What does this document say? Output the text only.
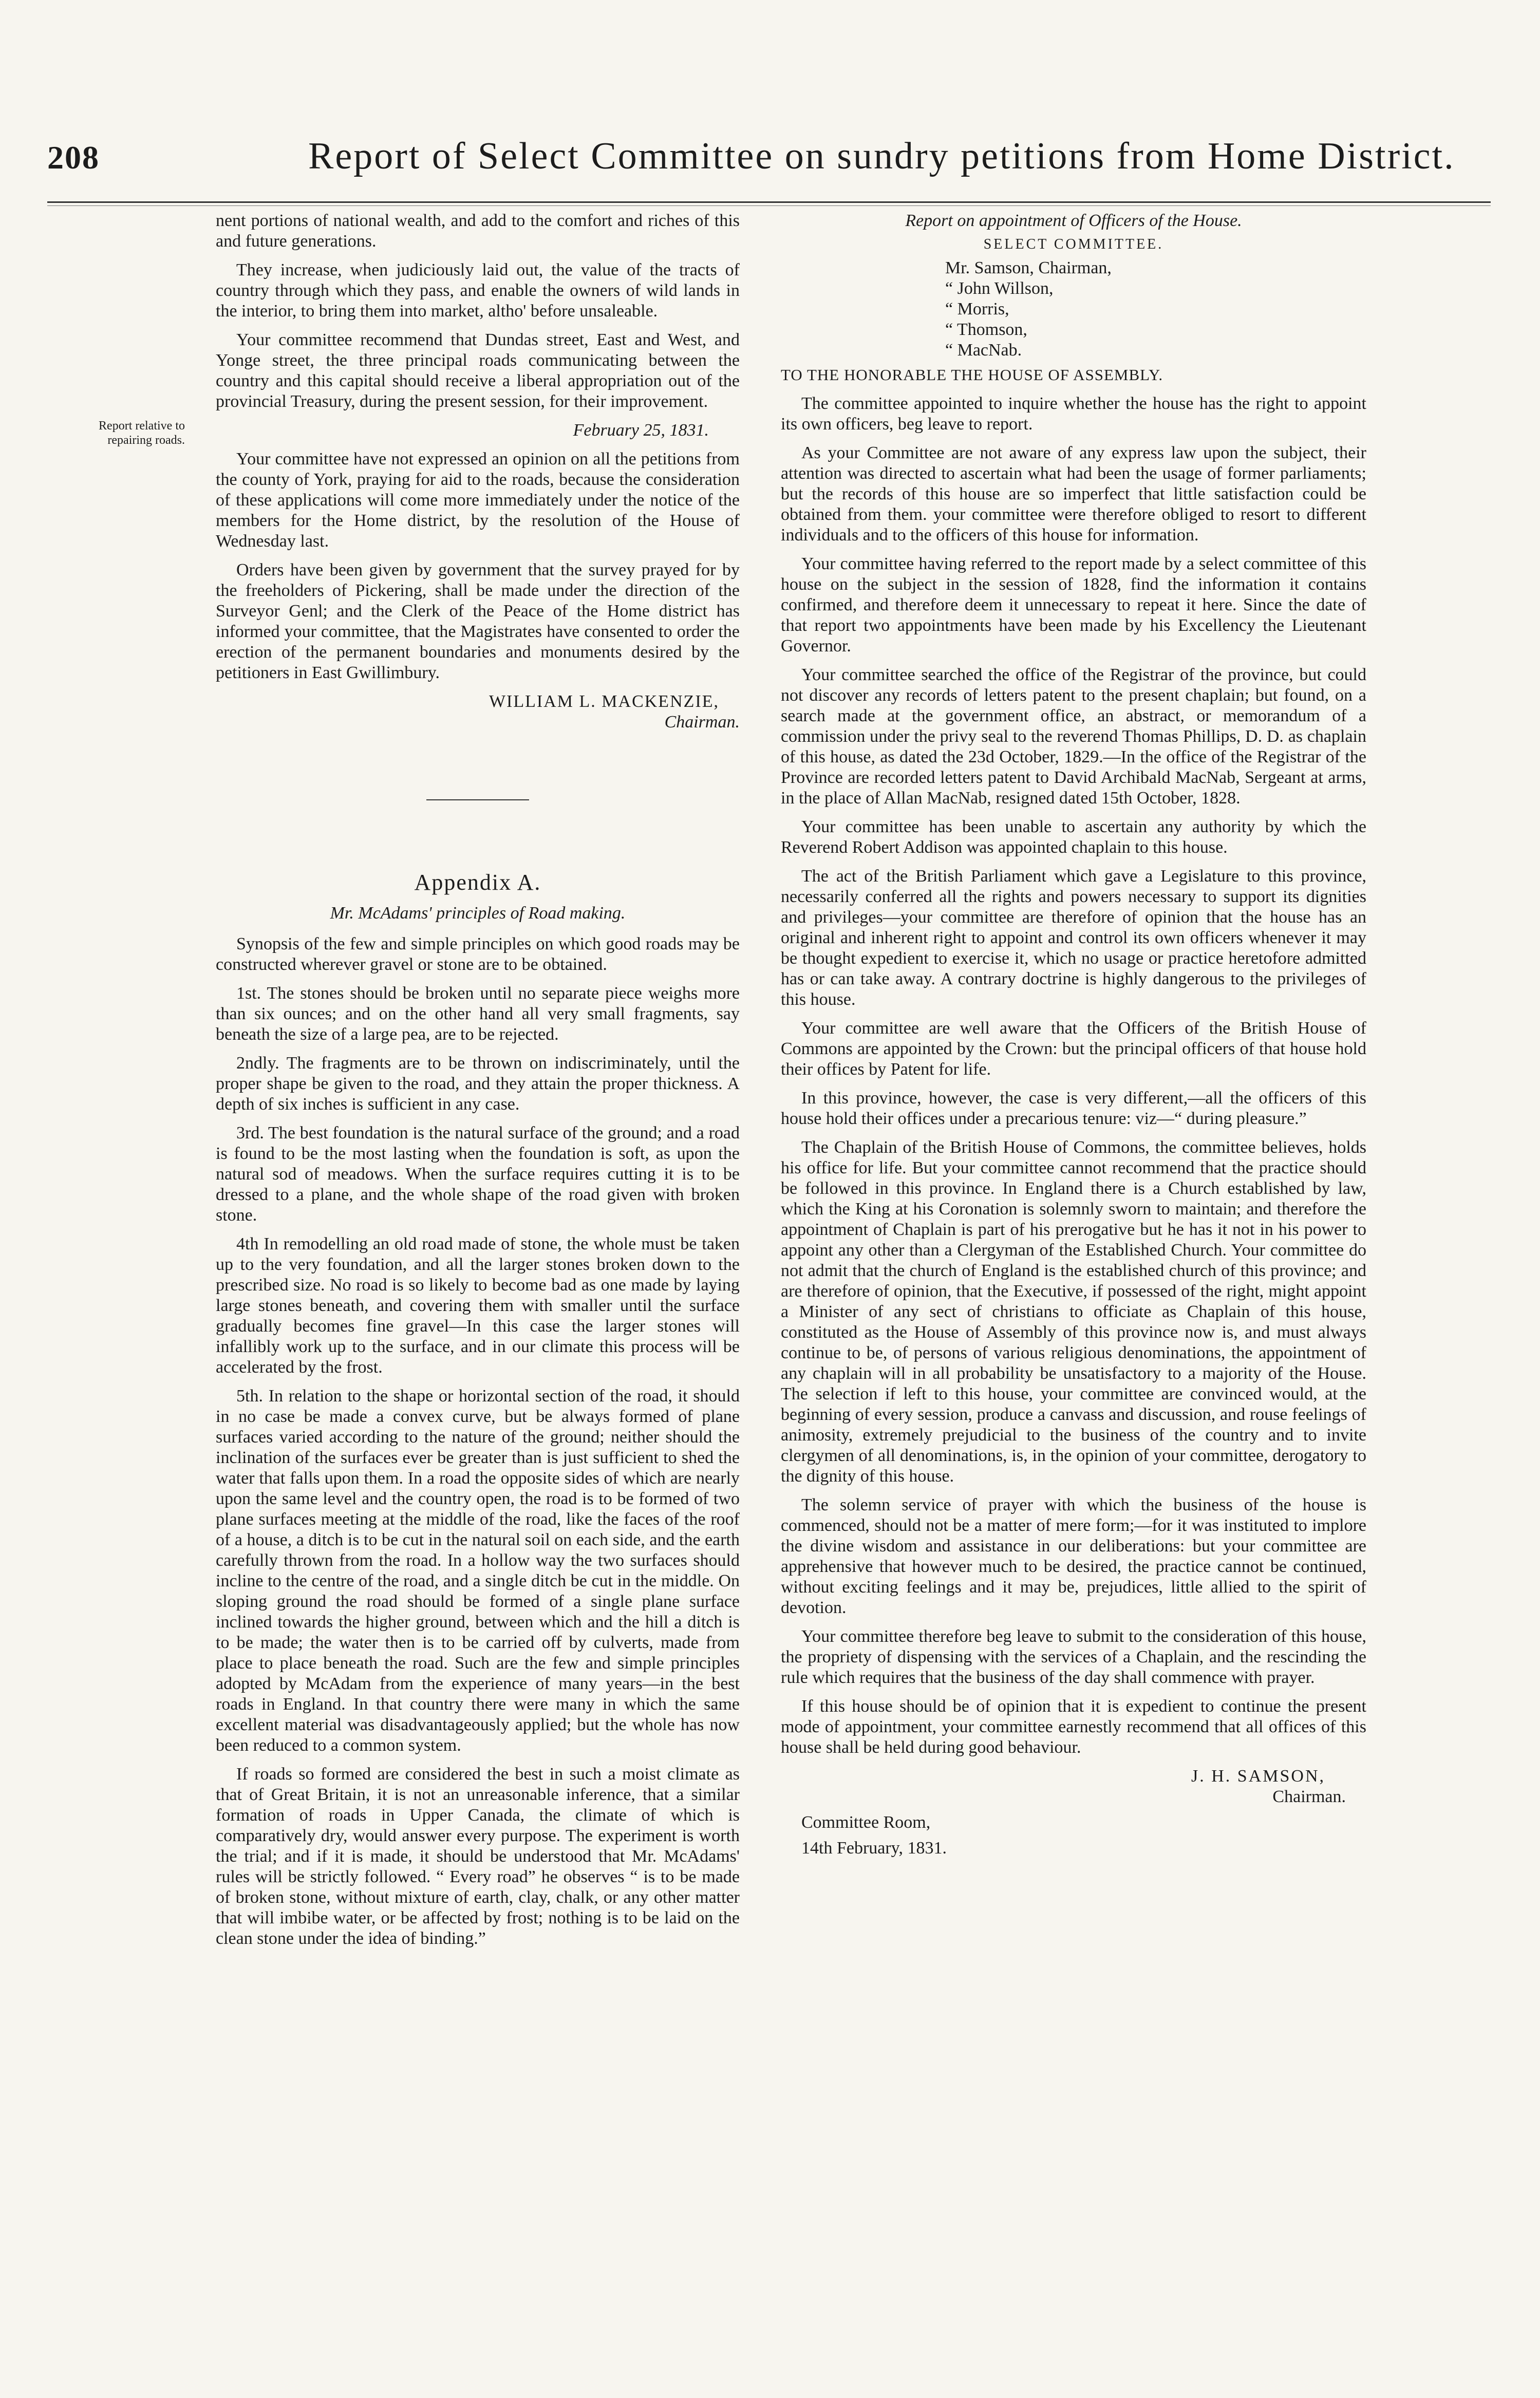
208	Report of Select Committee on sundry petitions from Home District.
Report relative to repairing roads.

nent portions of national wealth, and add to the comfort and riches of this and future generations.

They increase, when judiciously laid out, the value of the tracts of country through which they pass, and enable the owners of wild lands in the interior, to bring them into market, altho' before unsaleable.

Your committee recommend that Dundas street, East and West, and Yonge street, the three principal roads communicating between the country and this capital should receive a liberal appropriation out of the provincial Treasury, during the present session, for their improvement.

February 25, 1831.

Your committee have not expressed an opinion on all the petitions from the county of York, praying for aid to the roads, because the consideration of these applications will come more immediately under the notice of the members for the Home district, by the resolution of the House of Wednesday last.

Orders have been given by government that the survey prayed for by the freeholders of Pickering, shall be made under the direction of the Surveyor Genl; and the Clerk of the Peace of the Home district has informed your committee, that the Magistrates have consented to order the erection of the permanent boundaries and monuments desired by the petitioners in East Gwillimbury.

WILLIAM L. MACKENZIE,
Chairman.
Appendix A.
Mr. McAdams' principles of Road making.

Synopsis of the few and simple principles on which good roads may be constructed wherever gravel or stone are to be obtained.

1st. The stones should be broken until no separate piece weighs more than six ounces; and on the other hand all very small fragments, say beneath the size of a large pea, are to be rejected.

2ndly. The fragments are to be thrown on indiscriminately, until the proper shape be given to the road, and they attain the proper thickness. A depth of six inches is sufficient in any case.

3rd. The best foundation is the natural surface of the ground; and a road is found to be the most lasting when the foundation is soft, as upon the natural sod of meadows. When the surface requires cutting it is to be dressed to a plane, and the whole shape of the road given with broken stone.

4th In remodelling an old road made of stone, the whole must be taken up to the very foundation, and all the larger stones broken down to the prescribed size. No road is so likely to become bad as one made by laying large stones beneath, and covering them with smaller until the surface gradually becomes fine gravel—In this case the larger stones will infallibly work up to the surface, and in our climate this process will be accelerated by the frost.

5th. In relation to the shape or horizontal section of the road, it should in no case be made a convex curve, but be always formed of plane surfaces varied according to the nature of the ground; neither should the inclination of the surfaces ever be greater than is just sufficient to shed the water that falls upon them. In a road the opposite sides of which are nearly upon the same level and the country open, the road is to be formed of two plane surfaces meeting at the middle of the road, like the faces of the roof of a house, a ditch is to be cut in the natural soil on each side, and the earth carefully thrown from the road. In a hollow way the two surfaces should incline to the centre of the road, and a single ditch be cut in the middle. On sloping ground the road should be formed of a single plane surface inclined towards the higher ground, between which and the hill a ditch is to be made; the water then is to be carried off by culverts, made from place to place beneath the road. Such are the few and simple principles adopted by McAdam from the experience of many years—in the best roads in England. In that country there were many in which the same excellent material was disadvantageously applied; but the whole has now been reduced to a common system.

If roads so formed are considered the best in such a moist climate as that of Great Britain, it is not an unreasonable inference, that a similar formation of roads in Upper Canada, the climate of which is comparatively dry, would answer every purpose. The experiment is worth the trial; and if it is made, it should be understood that Mr. McAdams' rules will be strictly followed. “ Every road” he observes “ is to be made of broken stone, without mixture of earth, clay, chalk, or any other matter that will imbibe water, or be affected by frost; nothing is to be laid on the clean stone under the idea of binding.”

Report on appointment of Officers of the House.
SELECT COMMITTEE.
Mr. Samson, Chairman,
“ John Willson,
“ Morris,
“ Thomson,
“ MacNab.

TO THE HONORABLE THE HOUSE OF ASSEMBLY.

The committee appointed to inquire whether the house has the right to appoint its own officers, beg leave to report.

As your Committee are not aware of any express law upon the subject, their attention was directed to ascertain what had been the usage of former parliaments; but the records of this house are so imperfect that little satisfaction could be obtained from them. your committee were therefore obliged to resort to different individuals and to the officers of this house for information.

Your committee having referred to the report made by a select committee of this house on the subject in the session of 1828, find the information it contains confirmed, and therefore deem it unnecessary to repeat it here. Since the date of that report two appointments have been made by his Excellency the Lieutenant Governor.

Your committee searched the office of the Registrar of the province, but could not discover any records of letters patent to the present chaplain; but found, on a search made at the government office, an abstract, or memorandum of a commission under the privy seal to the reverend Thomas Phillips, D. D. as chaplain of this house, as dated the 23d October, 1829.—In the office of the Registrar of the Province are recorded letters patent to David Archibald MacNab, Sergeant at arms, in the place of Allan MacNab, resigned dated 15th October, 1828.

Your committee has been unable to ascertain any authority by which the Reverend Robert Addison was appointed chaplain to this house.

The act of the British Parliament which gave a Legislature to this province, necessarily conferred all the rights and powers necessary to support its dignities and privileges—your committee are therefore of opinion that the house has an original and inherent right to appoint and control its own officers whenever it may be thought expedient to exercise it, which no usage or practice heretofore admitted has or can take away. A contrary doctrine is highly dangerous to the privileges of this house.

Your committee are well aware that the Officers of the British House of Commons are appointed by the Crown: but the principal officers of that house hold their offices by Patent for life.

In this province, however, the case is very different,—all the officers of this house hold their offices under a precarious tenure: viz—“ during pleasure.”

The Chaplain of the British House of Commons, the committee believes, holds his office for life. But your committee cannot recommend that the practice should be followed in this province. In England there is a Church established by law, which the King at his Coronation is solemnly sworn to maintain; and therefore the appointment of Chaplain is part of his prerogative but he has it not in his power to appoint any other than a Clergyman of the Established Church. Your committee do not admit that the church of England is the established church of this province; and are therefore of opinion, that the Executive, if possessed of the right, might appoint a Minister of any sect of christians to officiate as Chaplain of this house, constituted as the House of Assembly of this province now is, and must always continue to be, of persons of various religious denominations, the appointment of any chaplain will in all probability be unsatisfactory to a majority of the House. The selection if left to this house, your committee are convinced would, at the beginning of every session, produce a canvass and discussion, and rouse feelings of animosity, extremely prejudicial to the business of the country and to invite clergymen of all denominations, is, in the opinion of your committee, derogatory to the dignity of this house.

The solemn service of prayer with which the business of the house is commenced, should not be a matter of mere form;—for it was instituted to implore the divine wisdom and assistance in our deliberations: but your committee are apprehensive that however much to be desired, the practice cannot be continued, without exciting feelings and it may be, prejudices, little allied to the spirit of devotion.

Your committee therefore beg leave to submit to the consideration of this house, the propriety of dispensing with the services of a Chaplain, and the rescinding the rule which requires that the business of the day shall commence with prayer.

If this house should be of opinion that it is expedient to continue the present mode of appointment, your committee earnestly recommend that all offices of this house shall be held during good behaviour.

J. H. SAMSON,
Chairman.
Committee Room,
14th February, 1831.
